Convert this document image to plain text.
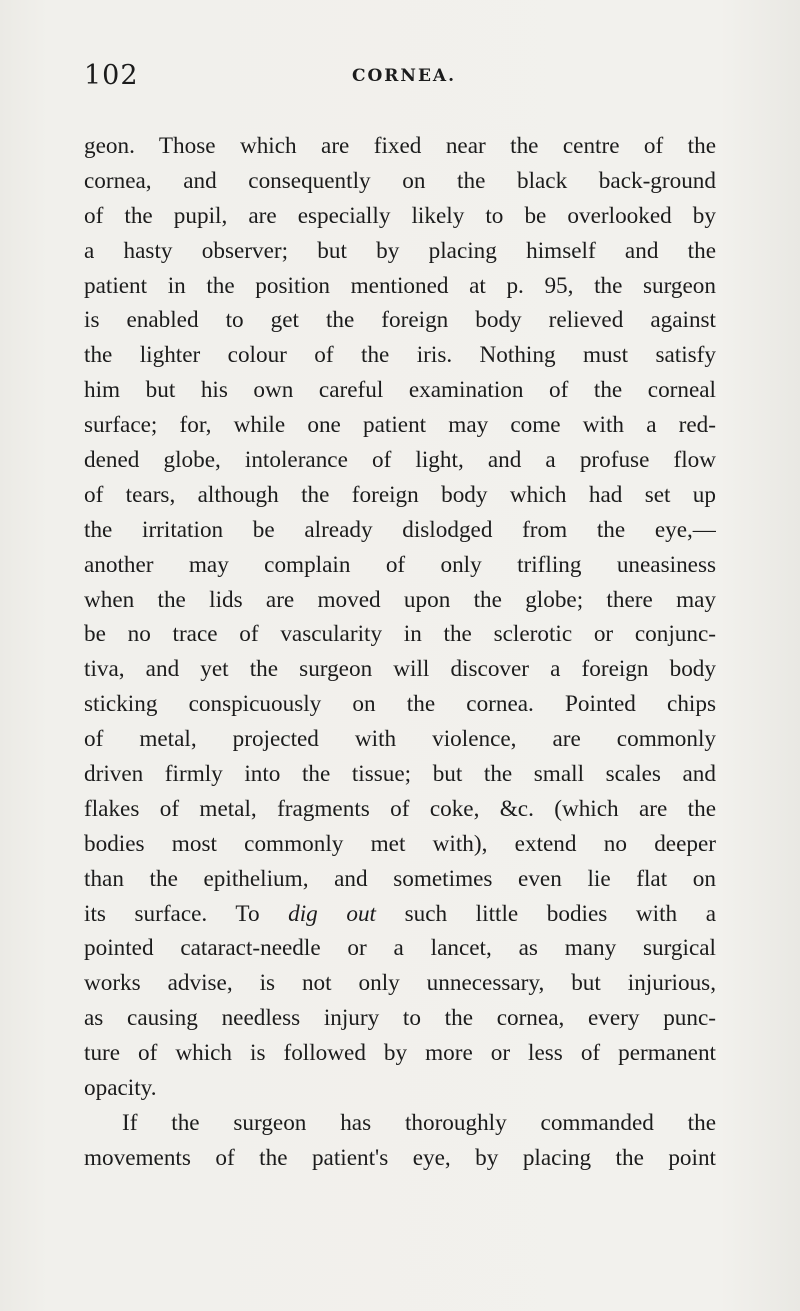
102	CORNEA.
geon. Those which are fixed near the centre of the
cornea, and consequently on the black back-ground
of the pupil, are especially likely to be overlooked by
a hasty observer; but by placing himself and the
patient in the position mentioned at p. 95, the surgeon
is enabled to get the foreign body relieved against
the lighter colour of the iris. Nothing must satisfy
him but his own careful examination of the corneal
surface; for, while one patient may come with a red-
dened globe, intolerance of light, and a profuse flow
of tears, although the foreign body which had set up
the irritation be already dislodged from the eye,—
another may complain of only trifling uneasiness
when the lids are moved upon the globe; there may
be no trace of vascularity in the sclerotic or conjunc-
tiva, and yet the surgeon will discover a foreign body
sticking conspicuously on the cornea. Pointed chips
of metal, projected with violence, are commonly
driven firmly into the tissue; but the small scales and
flakes of metal, fragments of coke, &c. (which are the
bodies most commonly met with), extend no deeper
than the epithelium, and sometimes even lie flat on
its surface. To dig out such little bodies with a
pointed cataract-needle or a lancet, as many surgical
works advise, is not only unnecessary, but injurious,
as causing needless injury to the cornea, every punc-
ture of which is followed by more or less of permanent
opacity.
If the surgeon has thoroughly commanded the
movements of the patient's eye, by placing the point
